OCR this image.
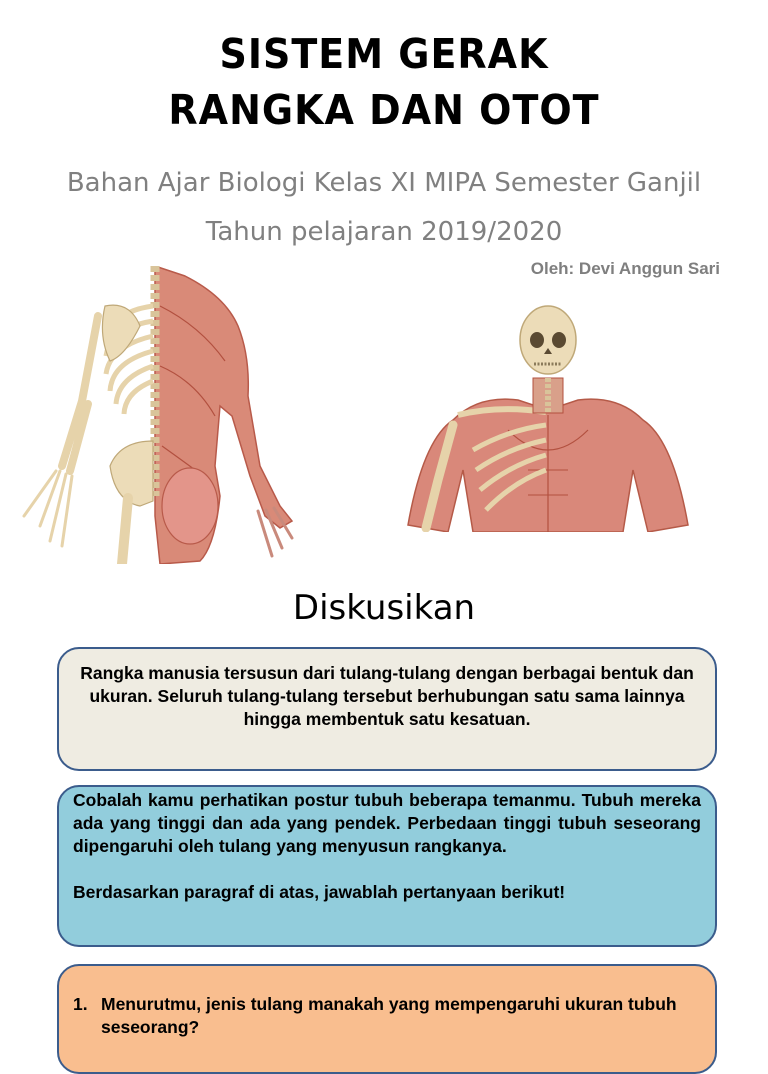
SISTEM GERAK
RANGKA DAN OTOT
Bahan Ajar Biologi Kelas XI MIPA Semester Ganjil
Tahun pelajaran 2019/2020
Oleh: Devi Anggun Sari
Diskusikan
Rangka manusia tersusun dari tulang-tulang dengan berbagai bentuk dan ukuran. Seluruh tulang-tulang tersebut berhubungan satu sama lainnya hingga membentuk satu kesatuan.

Cobalah kamu perhatikan postur tubuh beberapa temanmu. Tubuh mereka ada yang tinggi dan ada yang pendek. Perbedaan tinggi tubuh seseorang dipengaruhi oleh tulang yang menyusun rangkanya.

Berdasarkan paragraf di atas, jawablah pertanyaan berikut!

1. Menurutmu, jenis tulang manakah yang mempengaruhi ukuran tubuh seseorang?
